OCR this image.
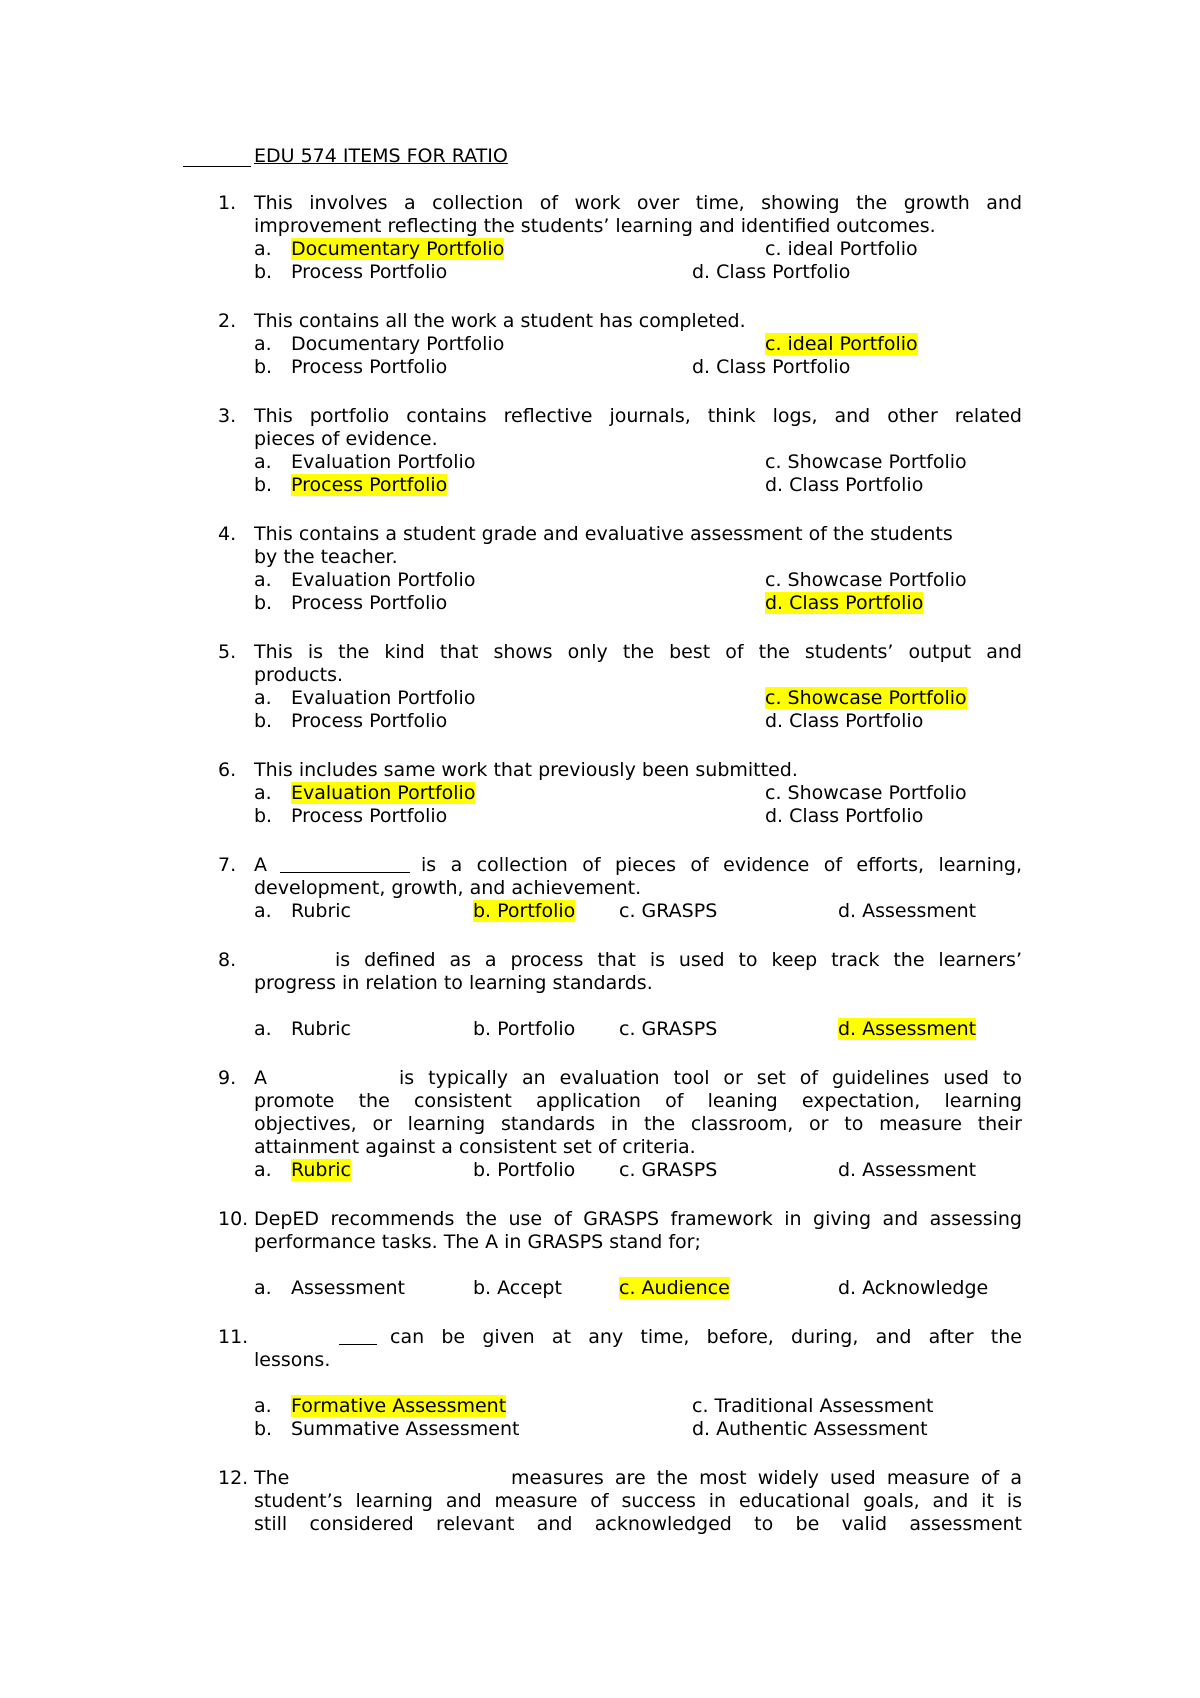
EDU 574 ITEMS FOR RATIO
1. This involves a collection of work over time, showing the growth and
improvement reflecting the students’ learning and identified outcomes.
a. Documentary Portfolio	c. ideal Portfolio
b. Process Portfolio	d. Class Portfolio
2. This contains all the work a student has completed.
a. Documentary Portfolio	c. ideal Portfolio
b. Process Portfolio	d. Class Portfolio
3. This portfolio contains reflective journals, think logs, and other related
pieces of evidence.
a. Evaluation Portfolio	c. Showcase Portfolio
b. Process Portfolio	d. Class Portfolio
4. This contains a student grade and evaluative assessment of the students
by the teacher.
a. Evaluation Portfolio	c. Showcase Portfolio
b. Process Portfolio	d. Class Portfolio
5. This is the kind that shows only the best of the students’ output and
products.
a. Evaluation Portfolio	c. Showcase Portfolio
b. Process Portfolio	d. Class Portfolio
6. This includes same work that previously been submitted.
a. Evaluation Portfolio	c. Showcase Portfolio
b. Process Portfolio	d. Class Portfolio
7. A	is a collection of pieces of evidence of efforts, learning,
development, growth, and achievement.
a. Rubric	b. Portfolio c. GRASPS	d. Assessment
8.	is defined as a process that is used to keep track the learners’
progress in relation to learning standards.
a. Rubric	b. Portfolio c. GRASPS	d. Assessment
9. A	is typically an evaluation tool or set of guidelines used to
promote the consistent application of leaning expectation, learning
objectives, or learning standards in the classroom, or to measure their
attainment against a consistent set of criteria.
a. Rubric	b. Portfolio c. GRASPS	d. Assessment
10. DepED recommends the use of GRASPS framework in giving and assessing
performance tasks. The A in GRASPS stand for;
a. Assessment	b. Accept	c. Audience	d. Acknowledge
11.	can be given at any time, before, during, and after the
lessons.
a. Formative Assessment	c. Traditional Assessment
b. Summative Assessment	d. Authentic Assessment
12. The	measures are the most widely used measure of a
student’s learning and measure of success in educational goals, and it is
still considered relevant and acknowledged to be valid assessment
